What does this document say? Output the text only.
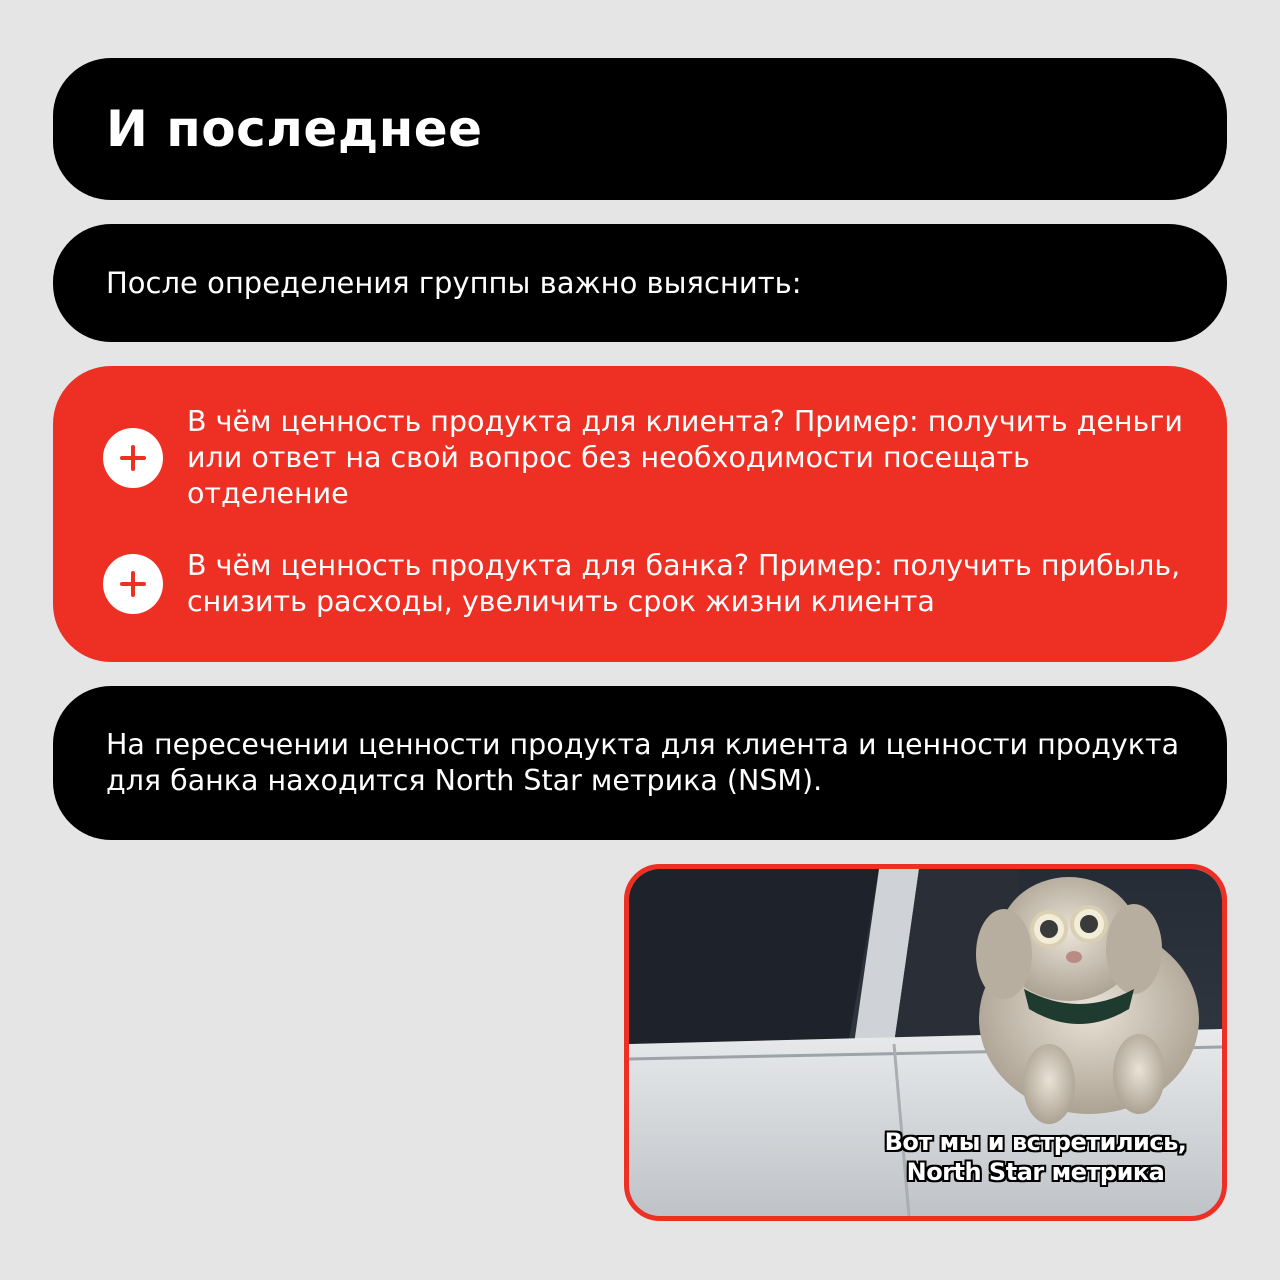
И последнее

После определения группы важно выяснить:

В чём ценность продукта для клиента? Пример: получить деньги или ответ на свой вопрос без необходимости посещать отделение
В чём ценность продукта для банка? Пример: получить прибыль, снизить расходы, увеличить срок жизни клиента

На пересечении ценности продукта для клиента и ценности продукта для банка находится North Star метрика (NSM).

Вот мы и встретились,
North Star метрика
